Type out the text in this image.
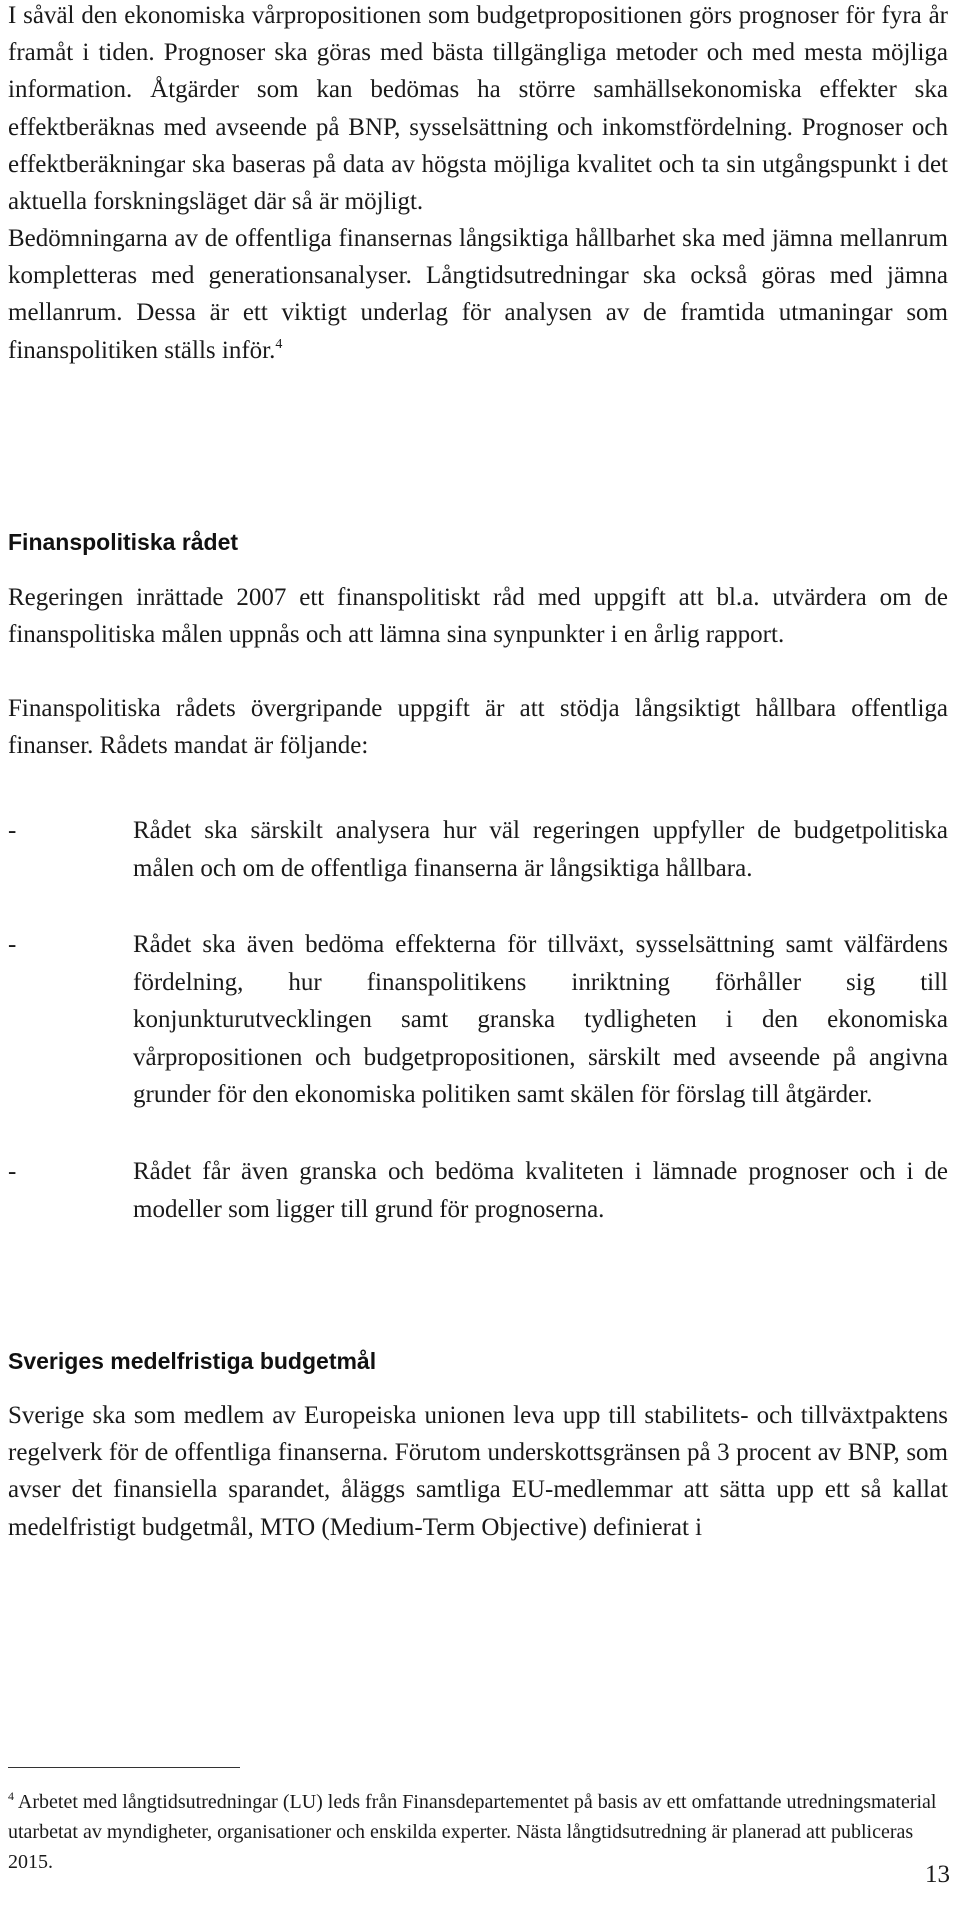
I såväl den ekonomiska vårpropositionen som budgetpropositionen görs prognoser för fyra år framåt i tiden. Prognoser ska göras med bästa tillgängliga metoder och med mesta möjliga information. Åtgärder som kan bedömas ha större samhällsekonomiska effekter ska effektberäknas med avseende på BNP, sysselsättning och inkomstfördelning. Prognoser och effektberäkningar ska baseras på data av högsta möjliga kvalitet och ta sin utgångspunkt i det aktuella forskningsläget där så är möjligt.

Bedömningarna av de offentliga finansernas långsiktiga hållbarhet ska med jämna mellanrum kompletteras med generationsanalyser. Långtidsutredningar ska också göras med jämna mellanrum. Dessa är ett viktigt underlag för analysen av de framtida utmaningar som finanspolitiken ställs inför.$^4$

Finanspolitiska rådet

Regeringen inrättade 2007 ett finanspolitiskt råd med uppgift att bl.a. utvärdera om de finanspolitiska målen uppnås och att lämna sina synpunkter i en årlig rapport.

Finanspolitiska rådets övergripande uppgift är att stödja långsiktigt hållbara offentliga finanser. Rådets mandat är följande:

-	Rådet ska särskilt analysera hur väl regeringen uppfyller de budgetpolitiska målen och om de offentliga finanserna är långsiktiga hållbara.
-	Rådet ska även bedöma effekterna för tillväxt, sysselsättning samt välfärdens fördelning, hur finanspolitikens inriktning förhåller sig till konjunkturutvecklingen samt granska tydligheten i den ekonomiska vårpropositionen och budgetpropositionen, särskilt med avseende på angivna grunder för den ekonomiska politiken samt skälen för förslag till åtgärder.
-	Rådet får även granska och bedöma kvaliteten i lämnade prognoser och i de modeller som ligger till grund för prognoserna.
Sveriges medelfristiga budgetmål

Sverige ska som medlem av Europeiska unionen leva upp till stabilitets- och tillväxtpaktens regelverk för de offentliga finanserna. Förutom underskottsgränsen på 3 procent av BNP, som avser det finansiella sparandet, åläggs samtliga EU-medlemmar att sätta upp ett så kallat medelfristigt budgetmål, MTO (Medium-Term Objective) definierat i

$^4$ Arbetet med långtidsutredningar (LU) leds från Finansdepartementet på basis av ett omfattande utredningsmaterial utarbetat av myndigheter, organisationer och enskilda experter. Nästa långtidsutredning är planerad att publiceras 2015.	13
